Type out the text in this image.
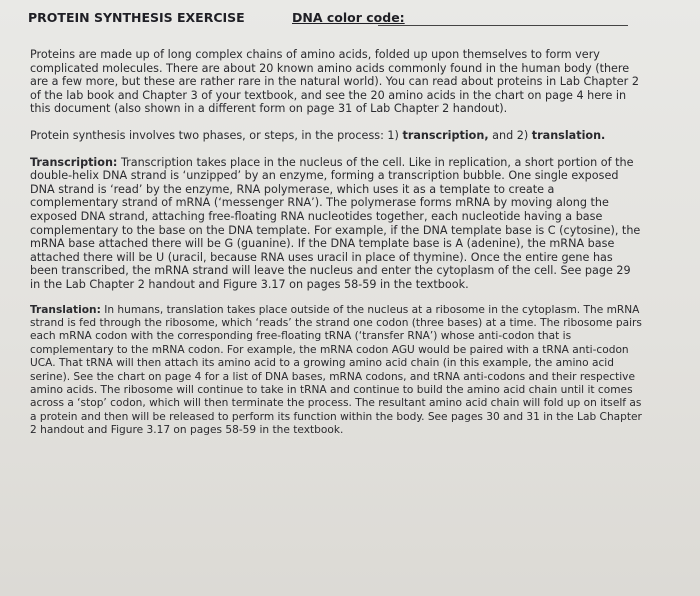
PROTEIN SYNTHESIS EXERCISE	DNA color code:

Proteins are made up of long complex chains of amino acids, folded up upon themselves to form very complicated molecules. There are about 20 known amino acids commonly found in the human body (there are a few more, but these are rather rare in the natural world). You can read about proteins in Lab Chapter 2 of the lab book and Chapter 3 of your textbook, and see the 20 amino acids in the chart on page 4 here in this document (also shown in a different form on page 31 of Lab Chapter 2 handout).

Protein synthesis involves two phases, or steps, in the process: 1) transcription, and 2) translation.

Transcription: Transcription takes place in the nucleus of the cell. Like in replication, a short portion of the double-helix DNA strand is ‘unzipped’ by an enzyme, forming a transcription bubble. One single exposed DNA strand is ‘read’ by the enzyme, RNA polymerase, which uses it as a template to create a complementary strand of mRNA (‘messenger RNA’). The polymerase forms mRNA by moving along the exposed DNA strand, attaching free-floating RNA nucleotides together, each nucleotide having a base complementary to the base on the DNA template. For example, if the DNA template base is C (cytosine), the mRNA base attached there will be G (guanine). If the DNA template base is A (adenine), the mRNA base attached there will be U (uracil, because RNA uses uracil in place of thymine). Once the entire gene has been transcribed, the mRNA strand will leave the nucleus and enter the cytoplasm of the cell. See page 29 in the Lab Chapter 2 handout and Figure 3.17 on pages 58-59 in the textbook.

Translation: In humans, translation takes place outside of the nucleus at a ribosome in the cytoplasm. The mRNA strand is fed through the ribosome, which ‘reads’ the strand one codon (three bases) at a time. The ribosome pairs each mRNA codon with the corresponding free-floating tRNA (‘transfer RNA’) whose anti-codon that is complementary to the mRNA codon. For example, the mRNA codon AGU would be paired with a tRNA anti-codon UCA. That tRNA will then attach its amino acid to a growing amino acid chain (in this example, the amino acid serine). See the chart on page 4 for a list of DNA bases, mRNA codons, and tRNA anti-codons and their respective amino acids. The ribosome will continue to take in tRNA and continue to build the amino acid chain until it comes across a ‘stop’ codon, which will then terminate the process. The resultant amino acid chain will fold up on itself as a protein and then will be released to perform its function within the body. See pages 30 and 31 in the Lab Chapter 2 handout and Figure 3.17 on pages 58-59 in the textbook.
